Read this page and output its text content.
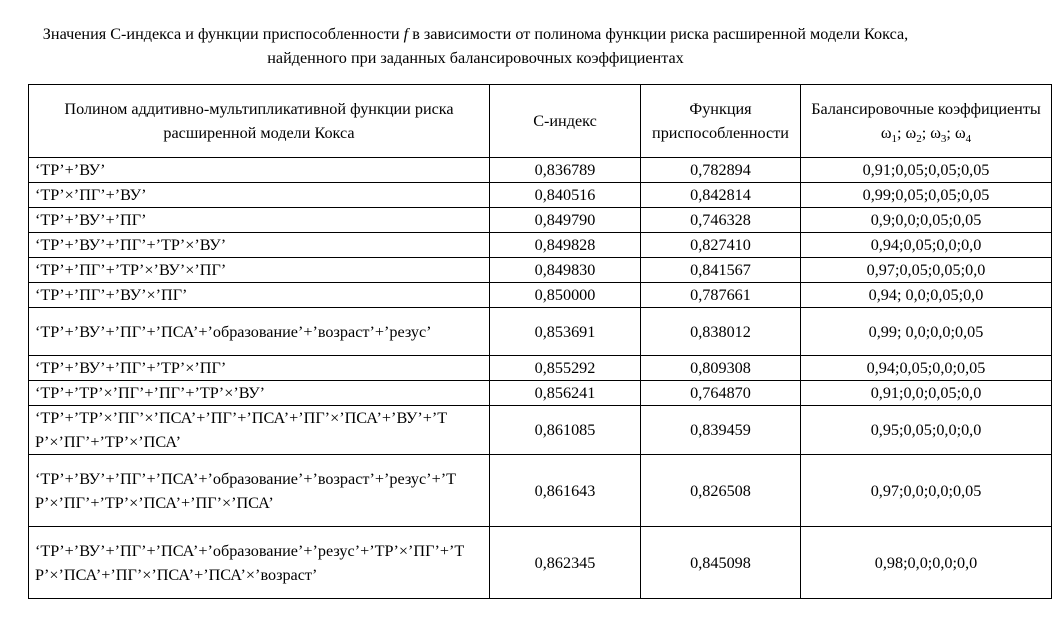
Значения С-индекса и функции приспособленности f в зависимости от полинома функции риска расширенной модели Кокса, найденного при заданных балансировочных коэффициентах
Полином аддитивно-мультипликативной функции риска расширенной модели Кокса	С-индекс	Функция приспособленности	Балансировочные коэффициенты $\omega_1$; $\omega_2$; $\omega_3$; $\omega_4$
‘ТР’+’ВУ’	0,836789	0,782894	0,91;0,05;0,05;0,05
‘ТР’×’ПГ’+’ВУ’	0,840516	0,842814	0,99;0,05;0,05;0,05
‘ТР’+’ВУ’+’ПГ’	0,849790	0,746328	0,9;0,0;0,05;0,05
‘ТР’+’ВУ’+’ПГ’+’ТР’×’ВУ’	0,849828	0,827410	0,94;0,05;0,0;0,0
‘ТР’+’ПГ’+’ТР’×’ВУ’×’ПГ’	0,849830	0,841567	0,97;0,05;0,05;0,0
‘ТР’+’ПГ’+’ВУ’×’ПГ’	0,850000	0,787661	0,94; 0,0;0,05;0,0
‘ТР’+’ВУ’+’ПГ’+’ПСА’+’образование’+’возраст’+’резус’	0,853691	0,838012	0,99; 0,0;0,0;0,05
‘ТР’+’ВУ’+’ПГ’+’ТР’×’ПГ’	0,855292	0,809308	0,94;0,05;0,0;0,05
‘ТР’+’ТР’×’ПГ’+’ПГ’+’ТР’×’ВУ’	0,856241	0,764870	0,91;0,0;0,05;0,0
‘ТР’+’ТР’×’ПГ’×’ПСА’+’ПГ’+’ПСА’+’ПГ’×’ПСА’+’ВУ’+’ТР’×’ПГ’+’ТР’×’ПСА’	0,861085	0,839459	0,95;0,05;0,0;0,0
‘ТР’+’ВУ’+’ПГ’+’ПСА’+’образование’+’возраст’+’резус’+’ТР’×’ПГ’+’ТР’×’ПСА’+’ПГ’×’ПСА’	0,861643	0,826508	0,97;0,0;0,0;0,05
‘ТР’+’ВУ’+’ПГ’+’ПСА’+’образование’+’резус’+’ТР’×’ПГ’+’ТР’×’ПСА’+’ПГ’×’ПСА’+’ПСА’×’возраст’	0,862345	0,845098	0,98;0,0;0,0;0,0
